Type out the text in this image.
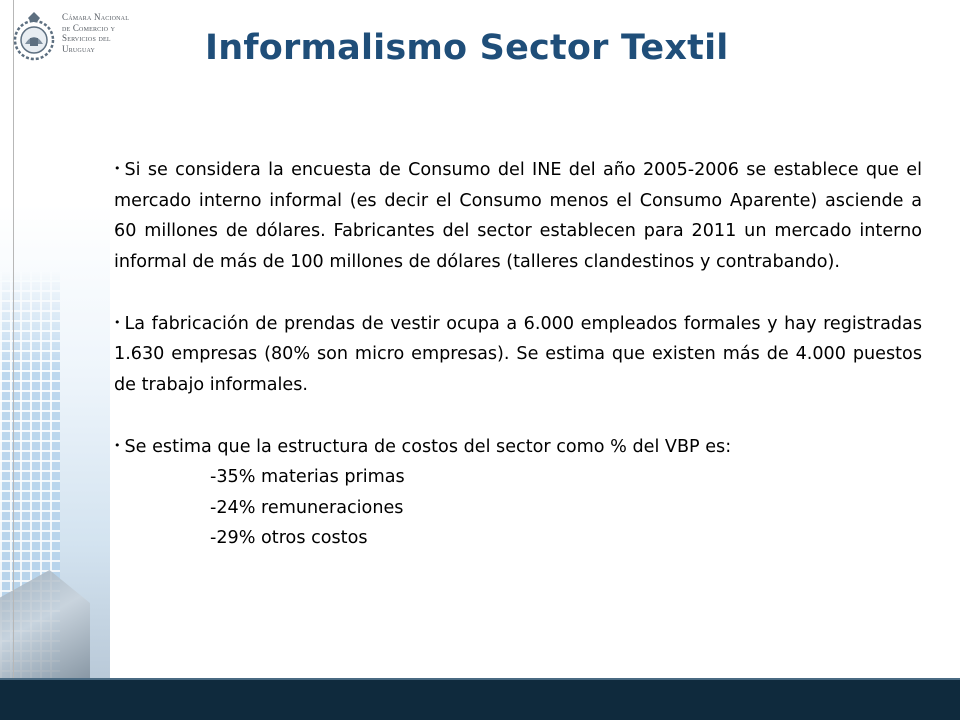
Cámara Nacional
de Comercio y
Servicios del
Uruguay	Informalismo Sector Textil

• Si se considera la encuesta de Consumo del INE del año 2005-2006 se establece que el mercado interno informal (es decir el Consumo menos el Consumo Aparente) asciende a 60 millones de dólares. Fabricantes del sector establecen para 2011 un mercado interno informal de más de 100 millones de dólares (talleres clandestinos y contrabando).

• La fabricación de prendas de vestir ocupa a 6.000 empleados formales y hay registradas 1.630 empresas (80% son micro empresas). Se estima que existen más de 4.000 puestos de trabajo informales.

• Se estima que la estructura de costos del sector como % del VBP es:

-35% materias primas

-24% remuneraciones

-29% otros costos
